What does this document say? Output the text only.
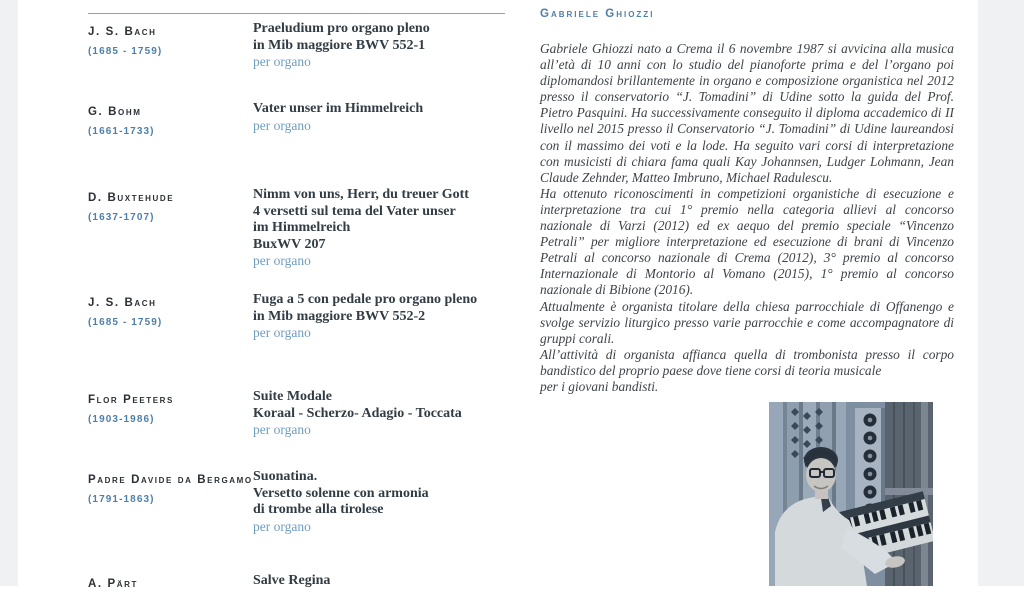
J. S. Bach
(1685 - 1759)
Praeludium pro organo pleno
in Mib maggiore BWV 552-1
per organo
G. Bohm
(1661-1733)
Vater unser im Himmelreich
per organo
D. Buxtehude
(1637-1707)
Nimm von uns, Herr, du treuer Gott
4 versetti sul tema del Vater unser
im Himmelreich
BuxWV 207
per organo
J. S. Bach
(1685 - 1759)
Fuga a 5 con pedale pro organo pleno
in Mib maggiore BWV 552-2
per organo
Flor Peeters
(1903-1986)
Suite Modale
Koraal - Scherzo- Adagio - Toccata
per organo
Padre Davide da Bergamo
(1791-1863)
Suonatina.
Versetto solenne con armonia
di trombe alla tirolese
per organo
A. Pärt	Salve Regina
Gabriele Ghiozzi

Gabriele Ghiozzi nato a Crema il 6 novembre 1987 si avvicina alla musica all’età di 10 anni con lo studio del pianoforte prima e del l’organo poi diplomandosi brillantemente in organo e composizione organistica nel 2012 presso il conservatorio “J. Tomadini” di Udine sotto la guida del Prof. Pietro Pasquini. Ha successivamente conseguito il diploma accademico di II livello nel 2015 presso il Conservatorio “J. Tomadini” di Udine laureandosi con il massimo dei voti e la lode. Ha seguito vari corsi di interpretazione con musicisti di chiara fama quali Kay Johannsen, Ludger Lohmann, Jean Claude Zehnder, Matteo Imbruno, Michael Radulescu.

Ha ottenuto riconoscimenti in competizioni organistiche di esecuzione e interpretazione tra cui 1° premio nella categoria allievi al concorso nazionale di Varzi (2012) ed ex aequo del premio speciale “Vincenzo Petrali” per migliore interpretazione ed esecuzione di brani di Vincenzo Petrali al concorso nazionale di Crema (2012), 3° premio al concorso Internazionale di Montorio al Vomano (2015), 1° premio al concorso nazionale di Bibione (2016).

Attualmente è organista titolare della chiesa parrocchiale di Offanengo e svolge servizio liturgico presso varie parrocchie e come accompagnatore di gruppi corali.

All’attività di organista affianca quella di trombonista presso il corpo bandistico del proprio paese dove tiene corsi di teoria musicale

per i giovani bandisti.
